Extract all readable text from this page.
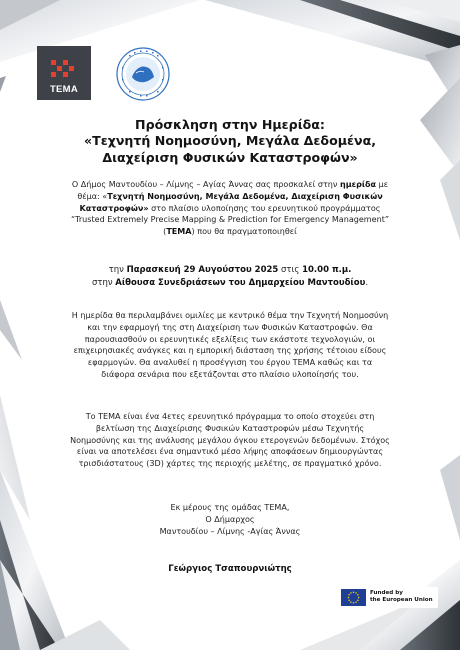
TEMA
Πρόσκληση στην Ημερίδα:
«Τεχνητή Νοημοσύνη, Μεγάλα Δεδομένα,
Διαχείριση Φυσικών Καταστροφών»
Ο Δήμος Μαντουδίου – Λίμνης – Αγίας Άννας σας προσκαλεί στην ημερίδα με
θέμα: «Τεχνητή Νοημοσύνη, Μεγάλα Δεδομένα, Διαχείριση Φυσικών
Καταστροφών» στο πλαίσιο υλοποίησης του ερευνητικού προγράμματος
“Trusted Extremely Precise Mapping & Prediction for Emergency Management”
(TEMA) που θα πραγματοποιηθεί
την Παρασκευή 29 Αυγούστου 2025 στις 10.00 π.μ.
στην Αίθουσα Συνεδριάσεων του Δημαρχείου Μαντουδίου.
Η ημερίδα θα περιλαμβάνει ομιλίες με κεντρικό θέμα την Τεχνητή Νοημοσύνη
και την εφαρμογή της στη Διαχείριση των Φυσικών Καταστροφών. Θα
παρουσιασθούν οι ερευνητικές εξελίξεις των εκάστοτε τεχνολογιών, οι
επιχειρησιακές ανάγκες και η εμπορική διάσταση της χρήσης τέτοιου είδους
εφαρμογών. Θα αναλυθεί η προσέγγιση του έργου TEMA καθώς και τα
διάφορα σενάρια που εξετάζονται στο πλαίσιο υλοποίησής του.
Το TEMA είναι ένα 4ετες ερευνητικό πρόγραμμα το οποίο στοχεύει στη
βελτίωση της Διαχείρισης Φυσικών Καταστροφών μέσω Τεχνητής
Νοημοσύνης και της ανάλυσης μεγάλου όγκου ετερογενών δεδομένων. Στόχος
είναι να αποτελέσει ένα σημαντικό μέσο λήψης αποφάσεων δημιουργώντας
τρισδιάστατους (3D) χάρτες της περιοχής μελέτης, σε πραγματικό χρόνο.
Εκ μέρους της ομάδας TEMA,
Ο Δήμαρχος
Μαντουδίου – Λίμνης -Αγίας Άννας
Γεώργιος Τσαπουρνιώτης
Funded by
the European Union
